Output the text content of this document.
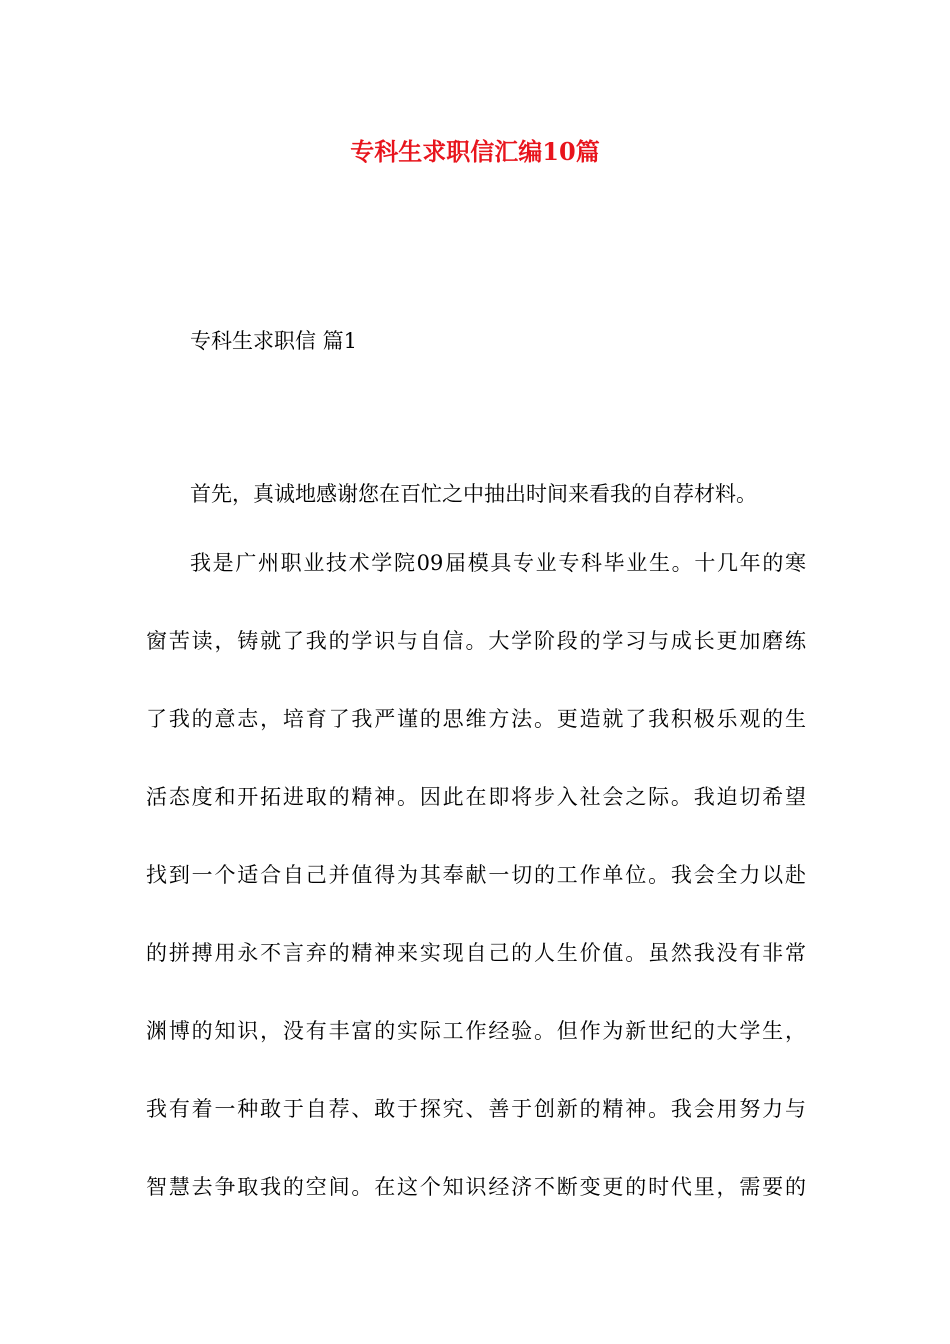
专科生求职信汇编10篇

专科生求职信 篇1

首先，真诚地感谢您在百忙之中抽出时间来看我的自荐材料。
我是广州职业技术学院09届模具专业专科毕业生。十几年的寒
窗苦读，铸就了我的学识与自信。大学阶段的学习与成长更加磨练
了我的意志，培育了我严谨的思维方法。更造就了我积极乐观的生
活态度和开拓进取的精神。因此在即将步入社会之际。我迫切希望
找到一个适合自己并值得为其奉献一切的工作单位。我会全力以赴
的拼搏用永不言弃的精神来实现自己的人生价值。虽然我没有非常
渊博的知识，没有丰富的实际工作经验。但作为新世纪的大学生，
我有着一种敢于自荐、敢于探究、善于创新的精神。我会用努力与
智慧去争取我的空间。在这个知识经济不断变更的时代里，需要的
